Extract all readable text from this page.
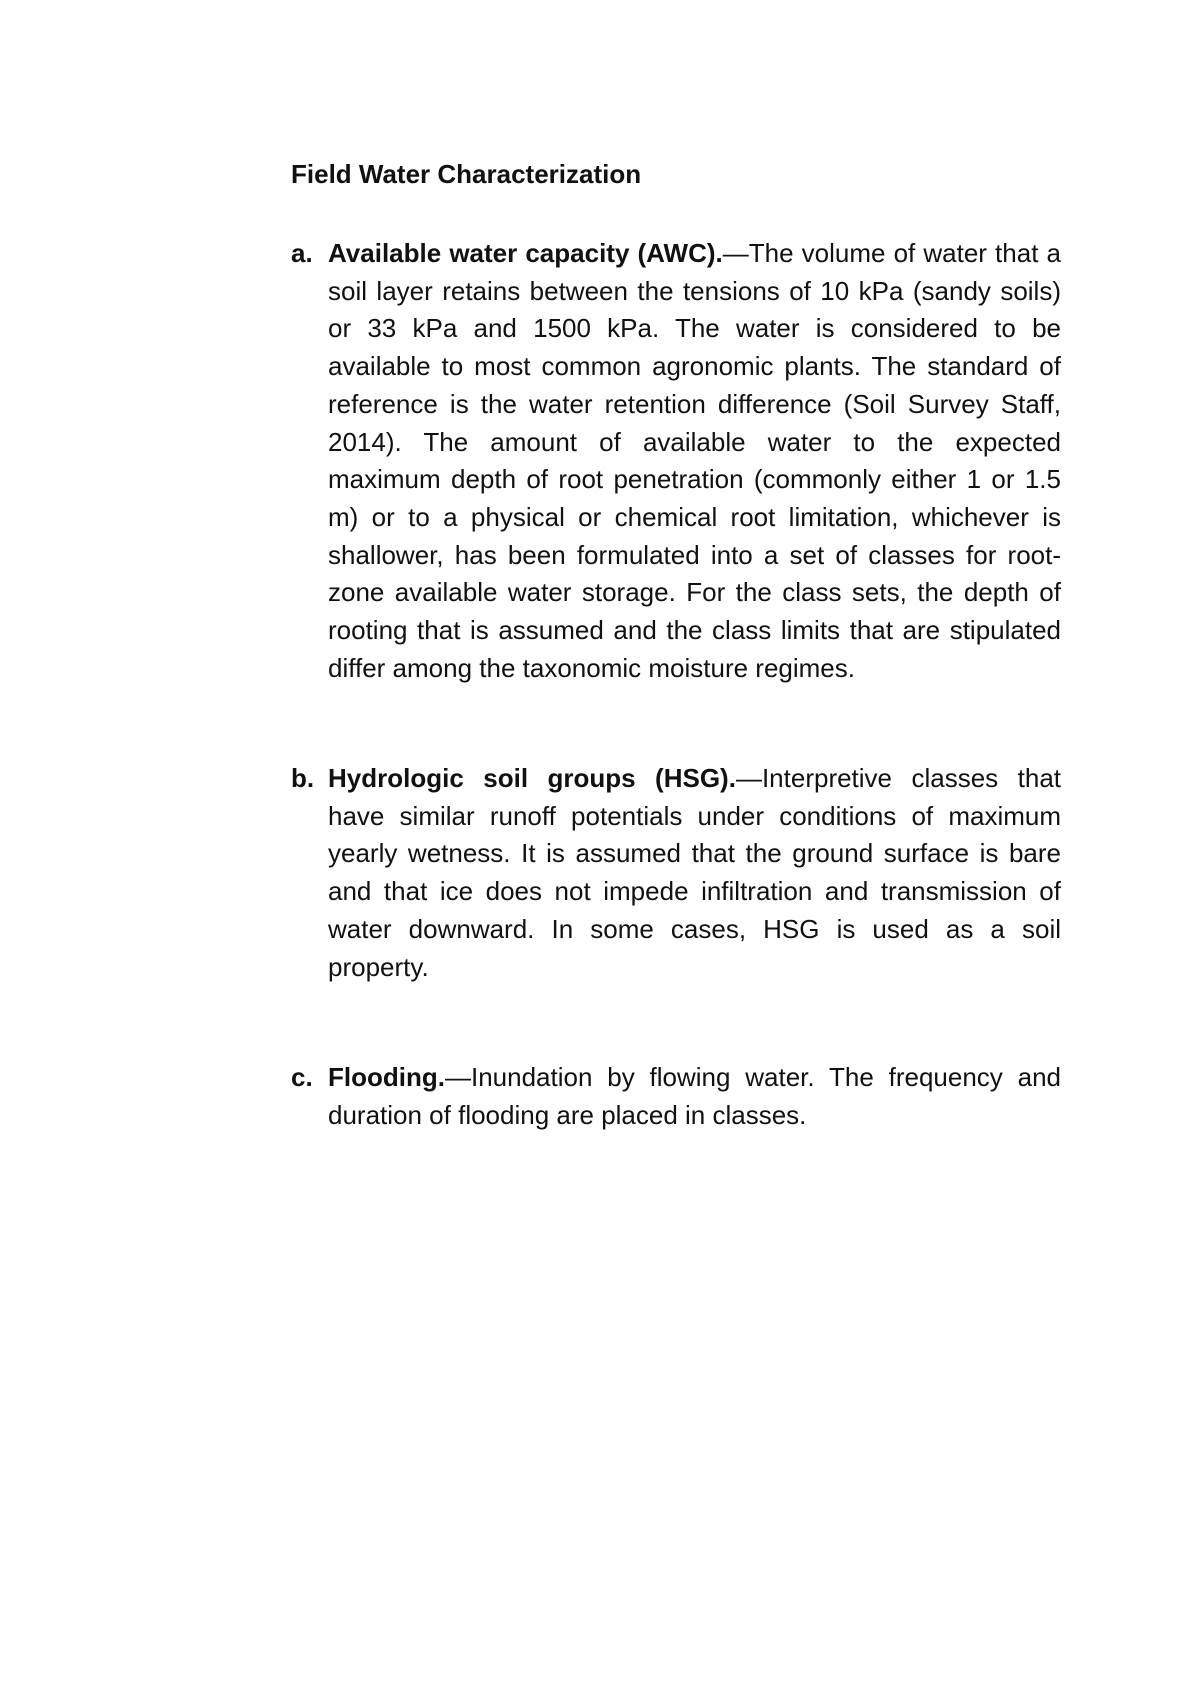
Field Water Characterization
a. Available water capacity (AWC).—The volume of water that a soil layer retains between the tensions of 10 kPa (sandy soils) or 33 kPa and 1500 kPa. The water is considered to be available to most common agronomic plants. The standard of reference is the water retention difference (Soil Survey Staff, 2014). The amount of available water to the expected maximum depth of root penetration (commonly either 1 or 1.5 m) or to a physical or chemical root limitation, whichever is shallower, has been formulated into a set of classes for root-zone available water storage. For the class sets, the depth of rooting that is assumed and the class limits that are stipulated differ among the taxonomic moisture regimes.
b. Hydrologic soil groups (HSG).—Interpretive classes that have similar runoff potentials under conditions of maximum yearly wetness. It is assumed that the ground surface is bare and that ice does not impede infiltration and transmission of water downward. In some cases, HSG is used as a soil property.
c. Flooding.—Inundation by flowing water. The frequency and duration of flooding are placed in classes.
